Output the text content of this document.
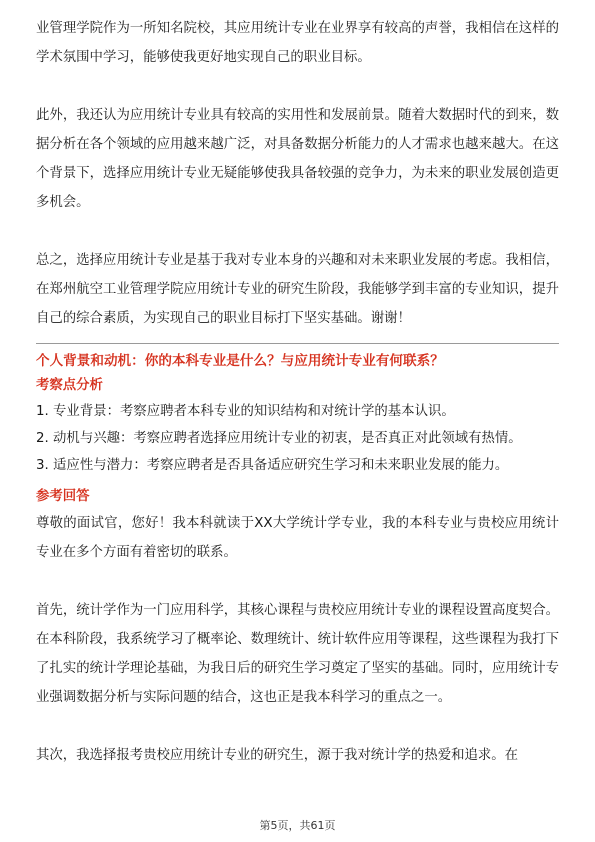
业管理学院作为一所知名院校，其应用统计专业在业界享有较高的声誉，我相信在这样的学术氛围中学习，能够使我更好地实现自己的职业目标。

此外，我还认为应用统计专业具有较高的实用性和发展前景。随着大数据时代的到来，数据分析在各个领域的应用越来越广泛，对具备数据分析能力的人才需求也越来越大。在这个背景下，选择应用统计专业无疑能够使我具备较强的竞争力，为未来的职业发展创造更多机会。

总之，选择应用统计专业是基于我对专业本身的兴趣和对未来职业发展的考虑。我相信，在郑州航空工业管理学院应用统计专业的研究生阶段，我能够学到丰富的专业知识，提升自己的综合素质，为实现自己的职业目标打下坚实基础。谢谢！

个人背景和动机：你的本科专业是什么？与应用统计专业有何联系？
考察点分析
1. 专业背景：考察应聘者本科专业的知识结构和对统计学的基本认识。
2. 动机与兴趣：考察应聘者选择应用统计专业的初衷，是否真正对此领域有热情。
3. 适应性与潜力：考察应聘者是否具备适应研究生学习和未来职业发展的能力。
参考回答

尊敬的面试官，您好！我本科就读于XX大学统计学专业，我的本科专业与贵校应用统计专业在多个方面有着密切的联系。

首先，统计学作为一门应用科学，其核心课程与贵校应用统计专业的课程设置高度契合。在本科阶段，我系统学习了概率论、数理统计、统计软件应用等课程，这些课程为我打下了扎实的统计学理论基础，为我日后的研究生学习奠定了坚实的基础。同时，应用统计专业强调数据分析与实际问题的结合，这也正是我本科学习的重点之一。

其次，我选择报考贵校应用统计专业的研究生，源于我对统计学的热爱和追求。在

第5页，共61页
